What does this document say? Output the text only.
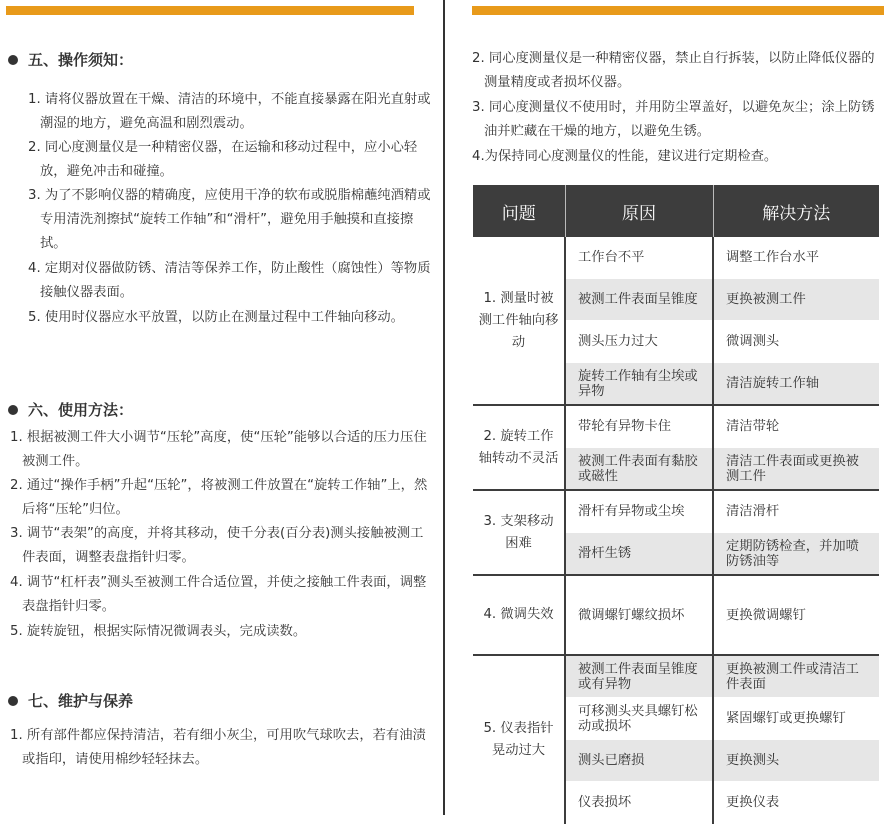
五、操作须知：
1. 请将仪器放置在干燥、清洁的环境中，不能直接暴露在阳光直射或潮湿的地方，避免高温和剧烈震动。
2. 同心度测量仪是一种精密仪器，在运输和移动过程中，应小心轻放，避免冲击和碰撞。
3. 为了不影响仪器的精确度，应使用干净的软布或脱脂棉蘸纯酒精或专用清洗剂擦拭“旋转工作轴”和“滑杆”，避免用手触摸和直接擦拭。
4. 定期对仪器做防锈、清洁等保养工作，防止酸性（腐蚀性）等物质接触仪器表面。
5. 使用时仪器应水平放置，以防止在测量过程中工件轴向移动。
六、使用方法：
1. 根据被测工件大小调节“压轮”高度，使“压轮”能够以合适的压力压住被测工件。
2. 通过“操作手柄”升起“压轮”，将被测工件放置在“旋转工作轴”上，然后将“压轮”归位。
3. 调节“表架”的高度，并将其移动，使千分表(百分表)测头接触被测工件表面，调整表盘指针归零。
4. 调节“杠杆表”测头至被测工件合适位置，并使之接触工件表面，调整表盘指针归零。
5. 旋转旋钮，根据实际情况微调表头，完成读数。
七、维护与保养
1. 所有部件都应保持清洁，若有细小灰尘，可用吹气球吹去，若有油渍或指印，请使用棉纱轻轻抹去。
2. 同心度测量仪是一种精密仪器，禁止自行拆装，以防止降低仪器的测量精度或者损坏仪器。
3. 同心度测量仪不使用时，并用防尘罩盖好，以避免灰尘；涂上防锈油并贮藏在干燥的地方，以避免生锈。
4.为保持同心度测量仪的性能，建议进行定期检查。
问题	原因	解决方法
1. 测量时被测工件轴向移动	工作台不平	调整工作台水平
	被测工件表面呈锥度	更换被测工件
	测头压力过大	微调测头
	旋转工作轴有尘埃或异物	清洁旋转工作轴
2. 旋转工作轴转动不灵活	带轮有异物卡住	清洁带轮
	被测工件表面有黏胶或磁性	清洁工件表面或更换被测工件
3. 支架移动困难	滑杆有异物或尘埃	清洁滑杆
	滑杆生锈	定期防锈检查，并加喷防锈油等
4. 微调失效	微调螺钉螺纹损坏	更换微调螺钉
5. 仪表指针晃动过大	被测工件表面呈锥度或有异物	更换被测工件或清洁工件表面
	可移测头夹具螺钉松动或损坏	紧固螺钉或更换螺钉
	测头已磨损	更换测头
	仪表损坏	更换仪表
